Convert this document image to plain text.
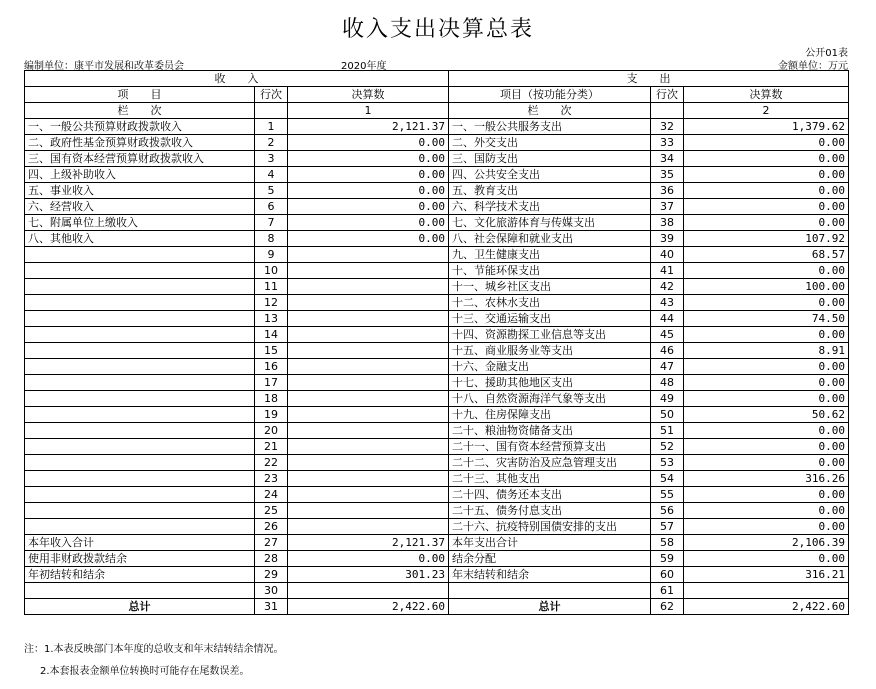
收入支出决算总表
公开01表
编制单位：康平市发展和改革委员会	2020年度	金额单位：万元
收　　入			支　　出		
项　　目	行次	决算数	项目（按功能分类）	行次	决算数
栏　　次		1	栏　　次		2
一、一般公共预算财政拨款收入	1	2,121.37	一、一般公共服务支出	32	1,379.62
二、政府性基金预算财政拨款收入	2	0.00	二、外交支出	33	0.00
三、国有资本经营预算财政拨款收入	3	0.00	三、国防支出	34	0.00
四、上级补助收入	4	0.00	四、公共安全支出	35	0.00
五、事业收入	5	0.00	五、教育支出	36	0.00
六、经营收入	6	0.00	六、科学技术支出	37	0.00
七、附属单位上缴收入	7	0.00	七、文化旅游体育与传媒支出	38	0.00
八、其他收入	8	0.00	八、社会保障和就业支出	39	107.92
	9		九、卫生健康支出	40	68.57
	10		十、节能环保支出	41	0.00
	11		十一、城乡社区支出	42	100.00
	12		十二、农林水支出	43	0.00
	13		十三、交通运输支出	44	74.50
	14		十四、资源勘探工业信息等支出	45	0.00
	15		十五、商业服务业等支出	46	8.91
	16		十六、金融支出	47	0.00
	17		十七、援助其他地区支出	48	0.00
	18		十八、自然资源海洋气象等支出	49	0.00
	19		十九、住房保障支出	50	50.62
	20		二十、粮油物资储备支出	51	0.00
	21		二十一、国有资本经营预算支出	52	0.00
	22		二十二、灾害防治及应急管理支出	53	0.00
	23		二十三、其他支出	54	316.26
	24		二十四、债务还本支出	55	0.00
	25		二十五、债务付息支出	56	0.00
	26		二十六、抗疫特别国债安排的支出	57	0.00
本年收入合计	27	2,121.37	本年支出合计	58	2,106.39
使用非财政拨款结余	28	0.00	结余分配	59	0.00
年初结转和结余	29	301.23	年末结转和结余	60	316.21
	30			61	
总计	31	2,422.60	总计	62	2,422.60
注：1.本表反映部门本年度的总收支和年末结转结余情况。
2.本套报表金额单位转换时可能存在尾数误差。
